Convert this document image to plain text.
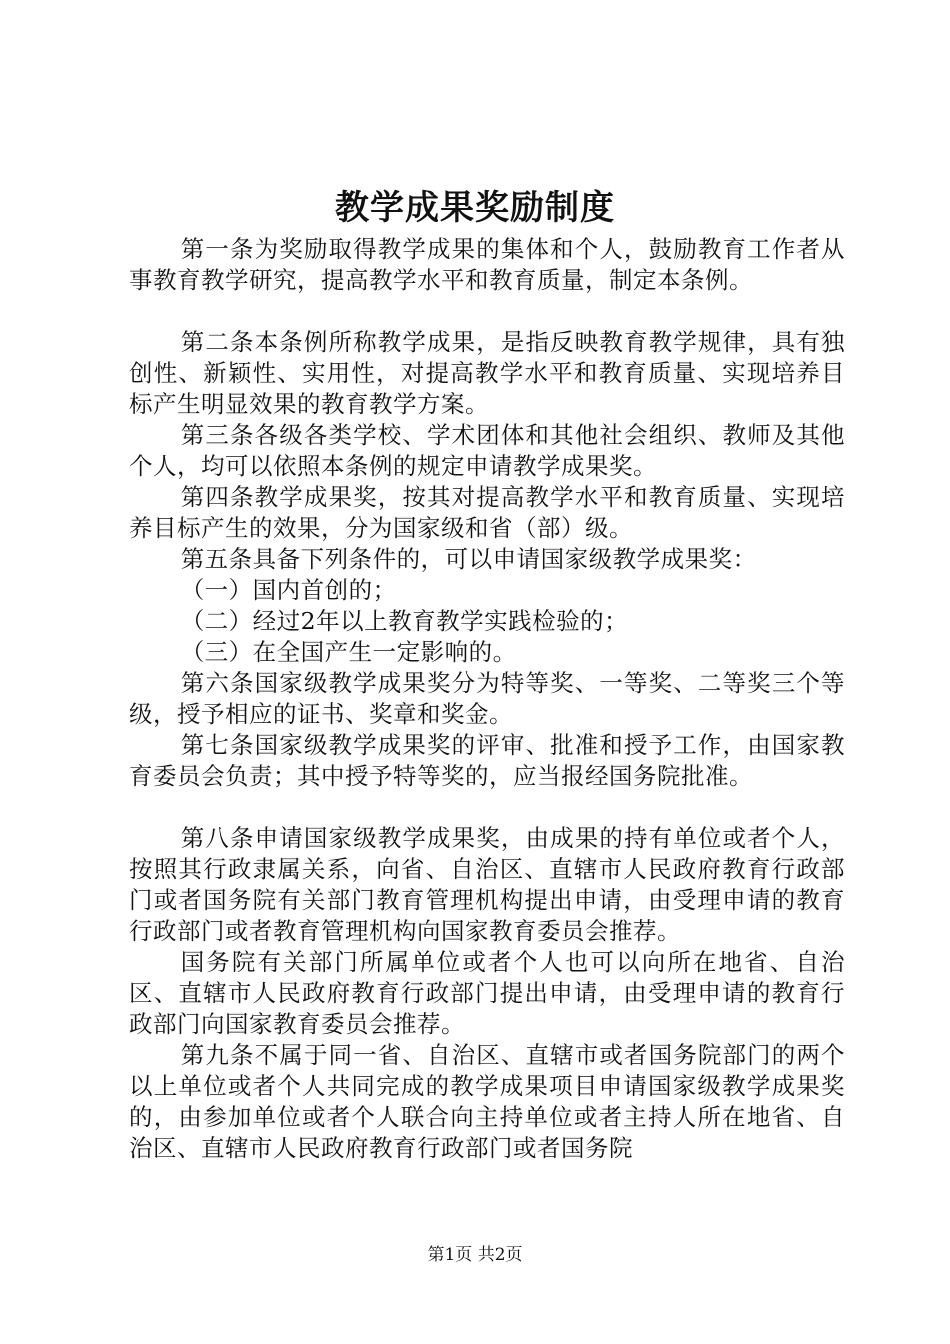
教学成果奖励制度

第一条为奖励取得教学成果的集体和个人，鼓励教育工作者从事教育教学研究，提高教学水平和教育质量，制定本条例。

第二条本条例所称教学成果，是指反映教育教学规律，具有独创性、新颖性、实用性，对提高教学水平和教育质量、实现培养目标产生明显效果的教育教学方案。

第三条各级各类学校、学术团体和其他社会组织、教师及其他个人，均可以依照本条例的规定申请教学成果奖。

第四条教学成果奖，按其对提高教学水平和教育质量、实现培养目标产生的效果，分为国家级和省（部）级。

第五条具备下列条件的，可以申请国家级教学成果奖：

（一）国内首创的；

（二）经过2年以上教育教学实践检验的；

（三）在全国产生一定影响的。

第六条国家级教学成果奖分为特等奖、一等奖、二等奖三个等级，授予相应的证书、奖章和奖金。

第七条国家级教学成果奖的评审、批准和授予工作，由国家教育委员会负责；其中授予特等奖的，应当报经国务院批准。

第八条申请国家级教学成果奖，由成果的持有单位或者个人，按照其行政隶属关系，向省、自治区、直辖市人民政府教育行政部门或者国务院有关部门教育管理机构提出申请，由受理申请的教育行政部门或者教育管理机构向国家教育委员会推荐。

国务院有关部门所属单位或者个人也可以向所在地省、自治区、直辖市人民政府教育行政部门提出申请，由受理申请的教育行政部门向国家教育委员会推荐。

第九条不属于同一省、自治区、直辖市或者国务院部门的两个以上单位或者个人共同完成的教学成果项目申请国家级教学成果奖的，由参加单位或者个人联合向主持单位或者主持人所在地省、自治区、直辖市人民政府教育行政部门或者国务院

第1页 共2页
